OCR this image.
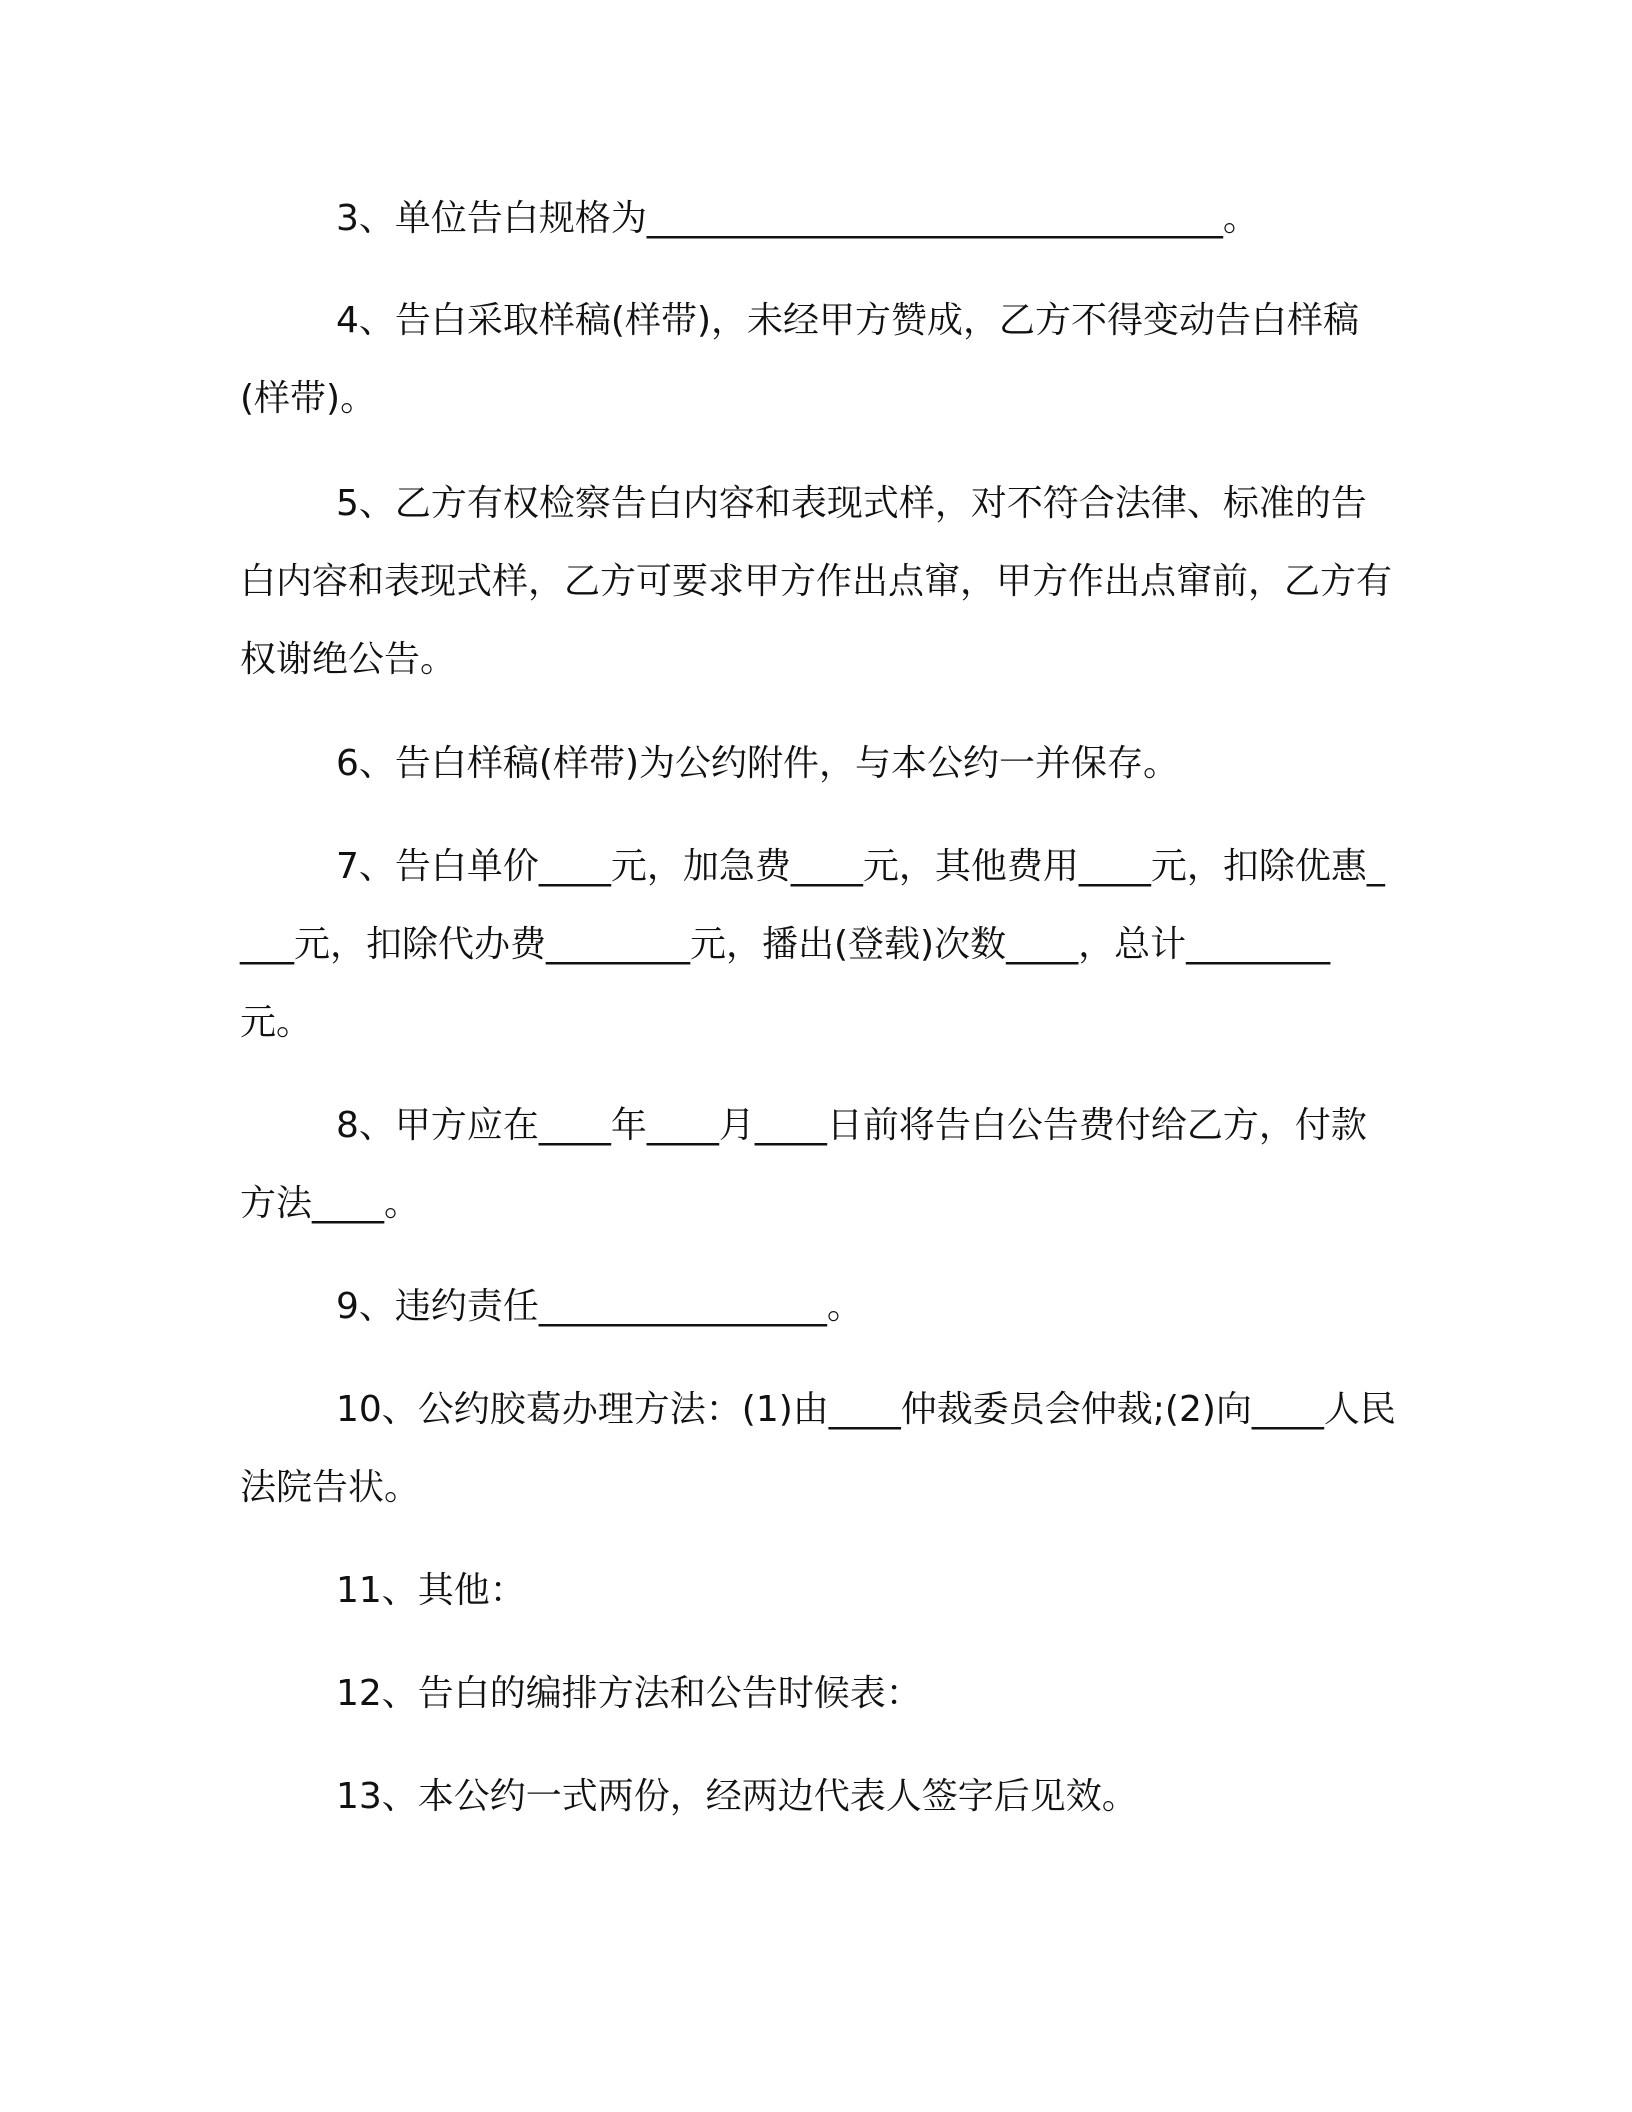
3、单位告白规格为________________________________。

4、告白采取样稿(样带)，未经甲方赞成，乙方不得变动告白样稿(样带)。

5、乙方有权检察告白内容和表现式样，对不符合法律、标准的告白内容和表现式样，乙方可要求甲方作出点窜，甲方作出点窜前，乙方有权谢绝公告。

6、告白样稿(样带)为公约附件，与本公约一并保存。

7、告白单价____元，加急费____元，其他费用____元，扣除优惠____元，扣除代办费________元，播出(登载)次数____，总计________元。

8、甲方应在____年____月____日前将告白公告费付给乙方，付款方法____。

9、违约责任________________。

10、公约胶葛办理方法：(1)由____仲裁委员会仲裁;(2)向____人民法院告状。

11、其他：

12、告白的编排方法和公告时候表：

13、本公约一式两份，经两边代表人签字后见效。
